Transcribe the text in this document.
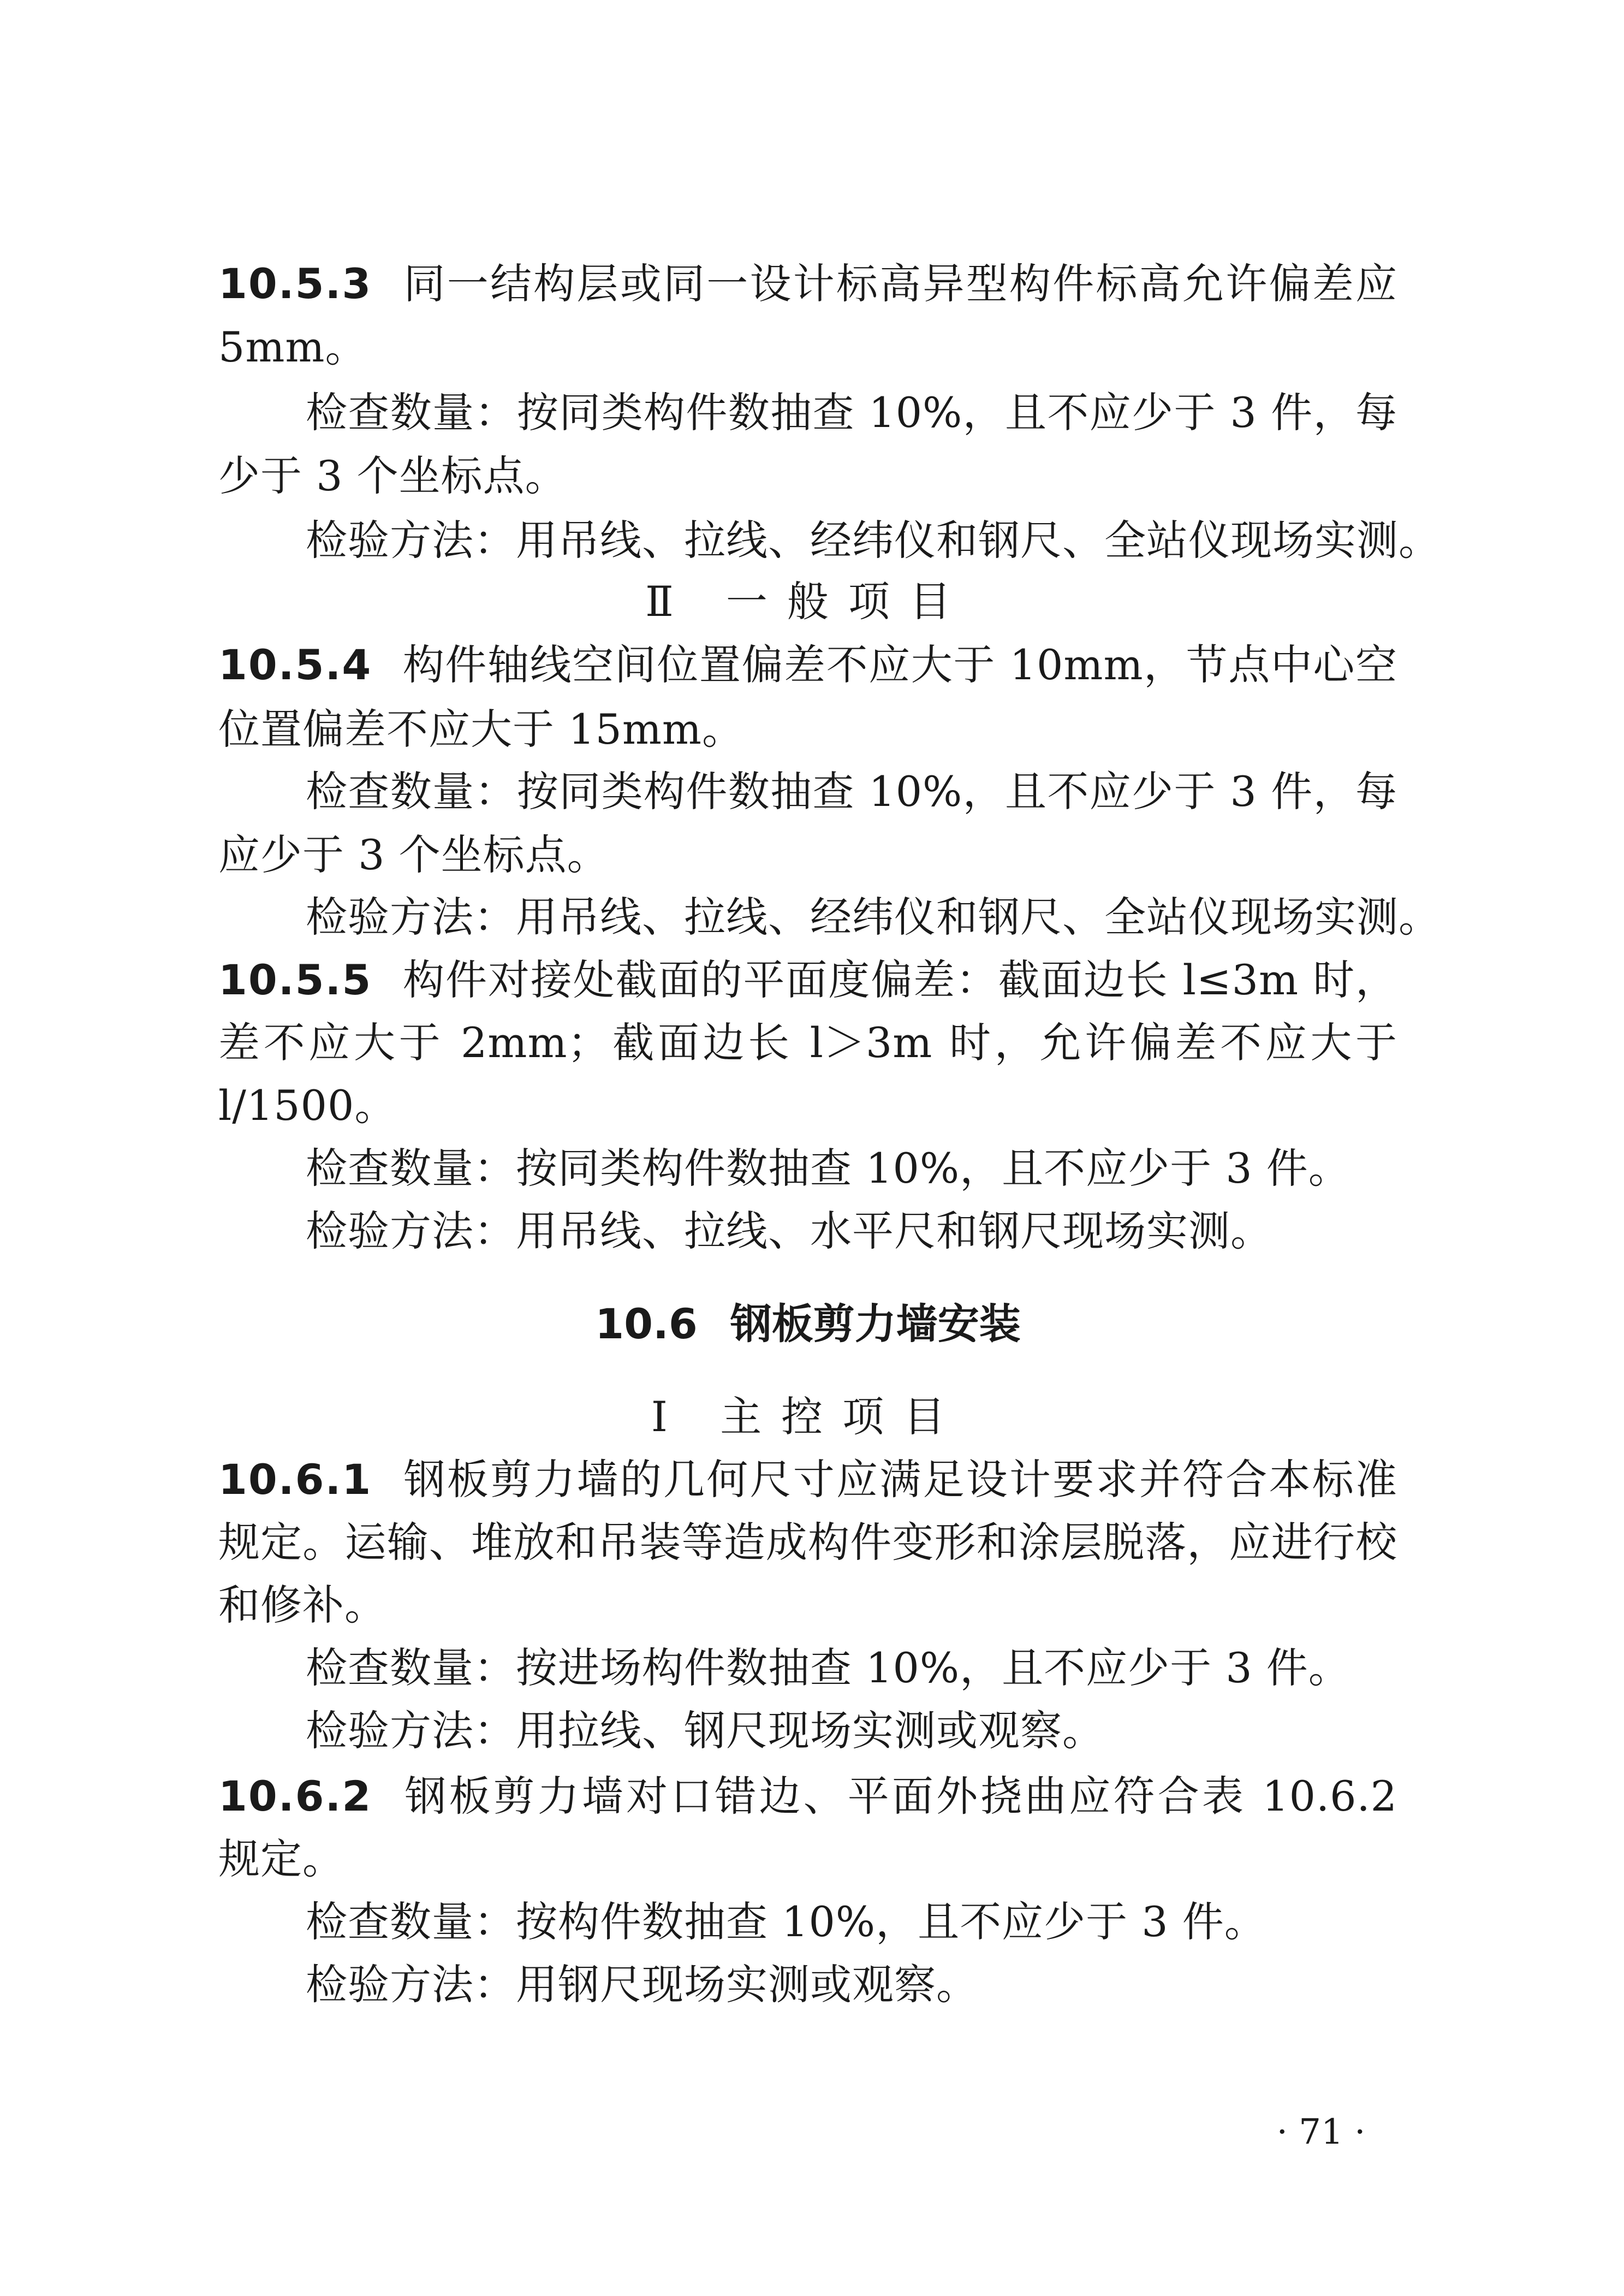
10.5.3 同一结构层或同一设计标高异型构件标高允许偏差应
5mm。
检查数量：按同类构件数抽查 10%，且不应少于 3 件，每
少于 3 个坐标点。
检验方法：用吊线、拉线、经纬仪和钢尺、全站仪现场实测。
Ⅱ 一般项目
10.5.4 构件轴线空间位置偏差不应大于 10mm，节点中心空
位置偏差不应大于 15mm。
检查数量：按同类构件数抽查 10%，且不应少于 3 件，每
应少于 3 个坐标点。
检验方法：用吊线、拉线、经纬仪和钢尺、全站仪现场实测。
10.5.5 构件对接处截面的平面度偏差：截面边长 l≤3m 时，
差不应大于 2mm；截面边长 l＞3m 时，允许偏差不应大于
l/1500。
检查数量：按同类构件数抽查 10%，且不应少于 3 件。
检验方法：用吊线、拉线、水平尺和钢尺现场实测。
10.6 钢板剪力墙安装
Ⅰ 主控项目
10.6.1 钢板剪力墙的几何尺寸应满足设计要求并符合本标准
规定。运输、堆放和吊装等造成构件变形和涂层脱落，应进行校
和修补。
检查数量：按进场构件数抽查 10%，且不应少于 3 件。
检验方法：用拉线、钢尺现场实测或观察。
10.6.2 钢板剪力墙对口错边、平面外挠曲应符合表 10.6.2
规定。
检查数量：按构件数抽查 10%，且不应少于 3 件。
检验方法：用钢尺现场实测或观察。
· 71 ·
